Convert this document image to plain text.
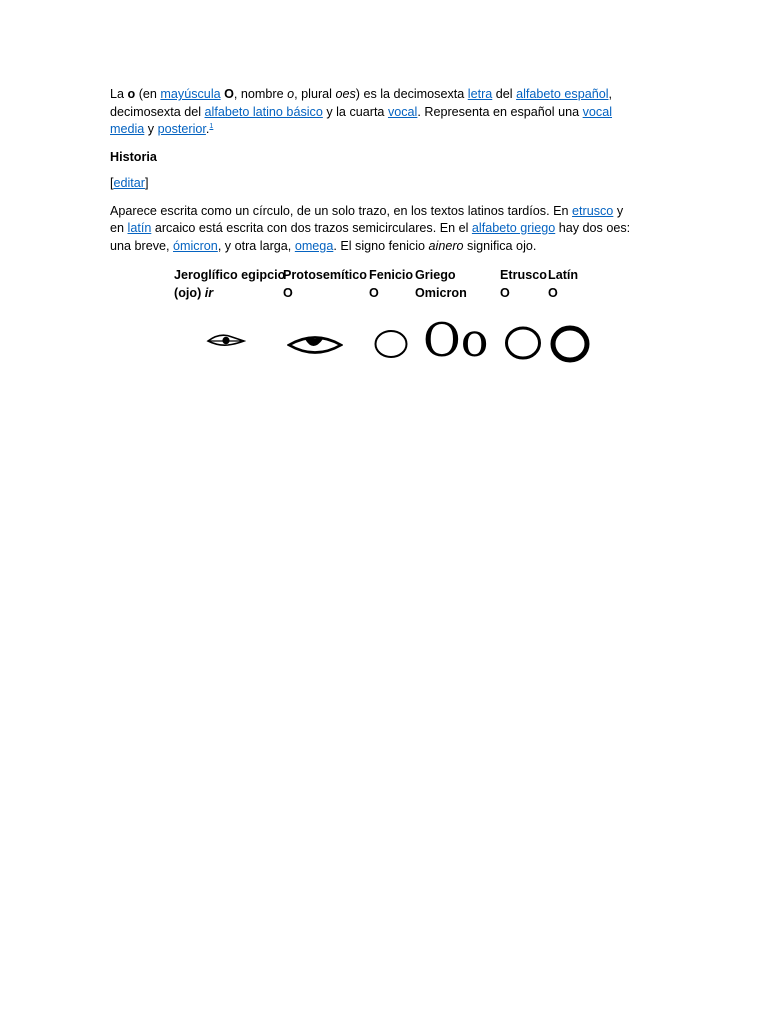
La o (en mayúscula O, nombre o, plural oes) es la decimosexta letra del alfabeto español, decimosexta del alfabeto latino básico y la cuarta vocal. Representa en español una vocal media y posterior.$^1$

Historia

[editar]

Aparece escrita como un círculo, de un solo trazo, en los textos latinos tardíos. En etrusco y en latín arcaico está escrita con dos trazos semicirculares. En el alfabeto griego hay dos oes: una breve, ómicron, y otra larga, omega. El signo fenicio ainero significa ojo.

Jeroglífico egipcio
(ojo) ir
Protosemítico
O
Fenicio
O
Griego
Omicron
Etrusco
O
Latín
O
Oo
